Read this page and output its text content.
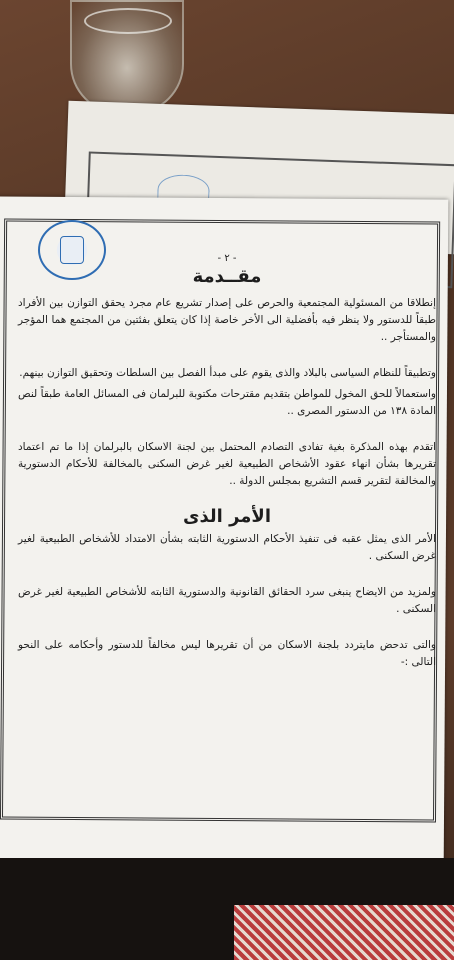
- ٢ -

مقــدمة

إنطلاقا من المسئولية المجتمعية والحرص على إصدار تشريع عام مجرد يحقق التوازن بين الأفراد طبقاً للدستور ولا ينظر فيه بأفضلية الى الأخر خاصة إذا كان يتعلق بفئتين من المجتمع هما المؤجر والمستأجر ..

وتطبيقاً للنظام السياسى بالبلاد والذى يقوم على مبدأ الفصل بين السلطات وتحقيق التوازن بينهم.

واستعمالاً للحق المخول للمواطن بتقديم مقترحات مكتوبة للبرلمان فى المسائل العامة طبقاً لنص المادة ١٣٨ من الدستور المصرى ..

اتقدم بهذه المذكرة بغية تفادى التصادم المحتمل بين لجنة الاسكان بالبرلمان إذا ما تم اعتماد تقريرها بشأن انهاء عقود الأشخاص الطبيعية لغير غرض السكنى بالمخالفة للأحكام الدستورية والمخالفة لتقرير قسم التشريع بمجلس الدولة ..

الأمر الذى

الأمر الذى يمثل عقبه فى تنفيذ الأحكام الدستورية الثابته بشأن الامتداد للأشخاص الطبيعية لغير غرض السكنى .

ولمزيد من الايضاح ينبغى سرد الحقائق القانونية والدستورية الثابته للأشخاص الطبيعية لغير غرض السكنى .

والتى تدحض مايتردد بلجنة الاسكان من أن تقريرها ليس مخالفاً للدستور وأحكامه على النحو التالى :-
